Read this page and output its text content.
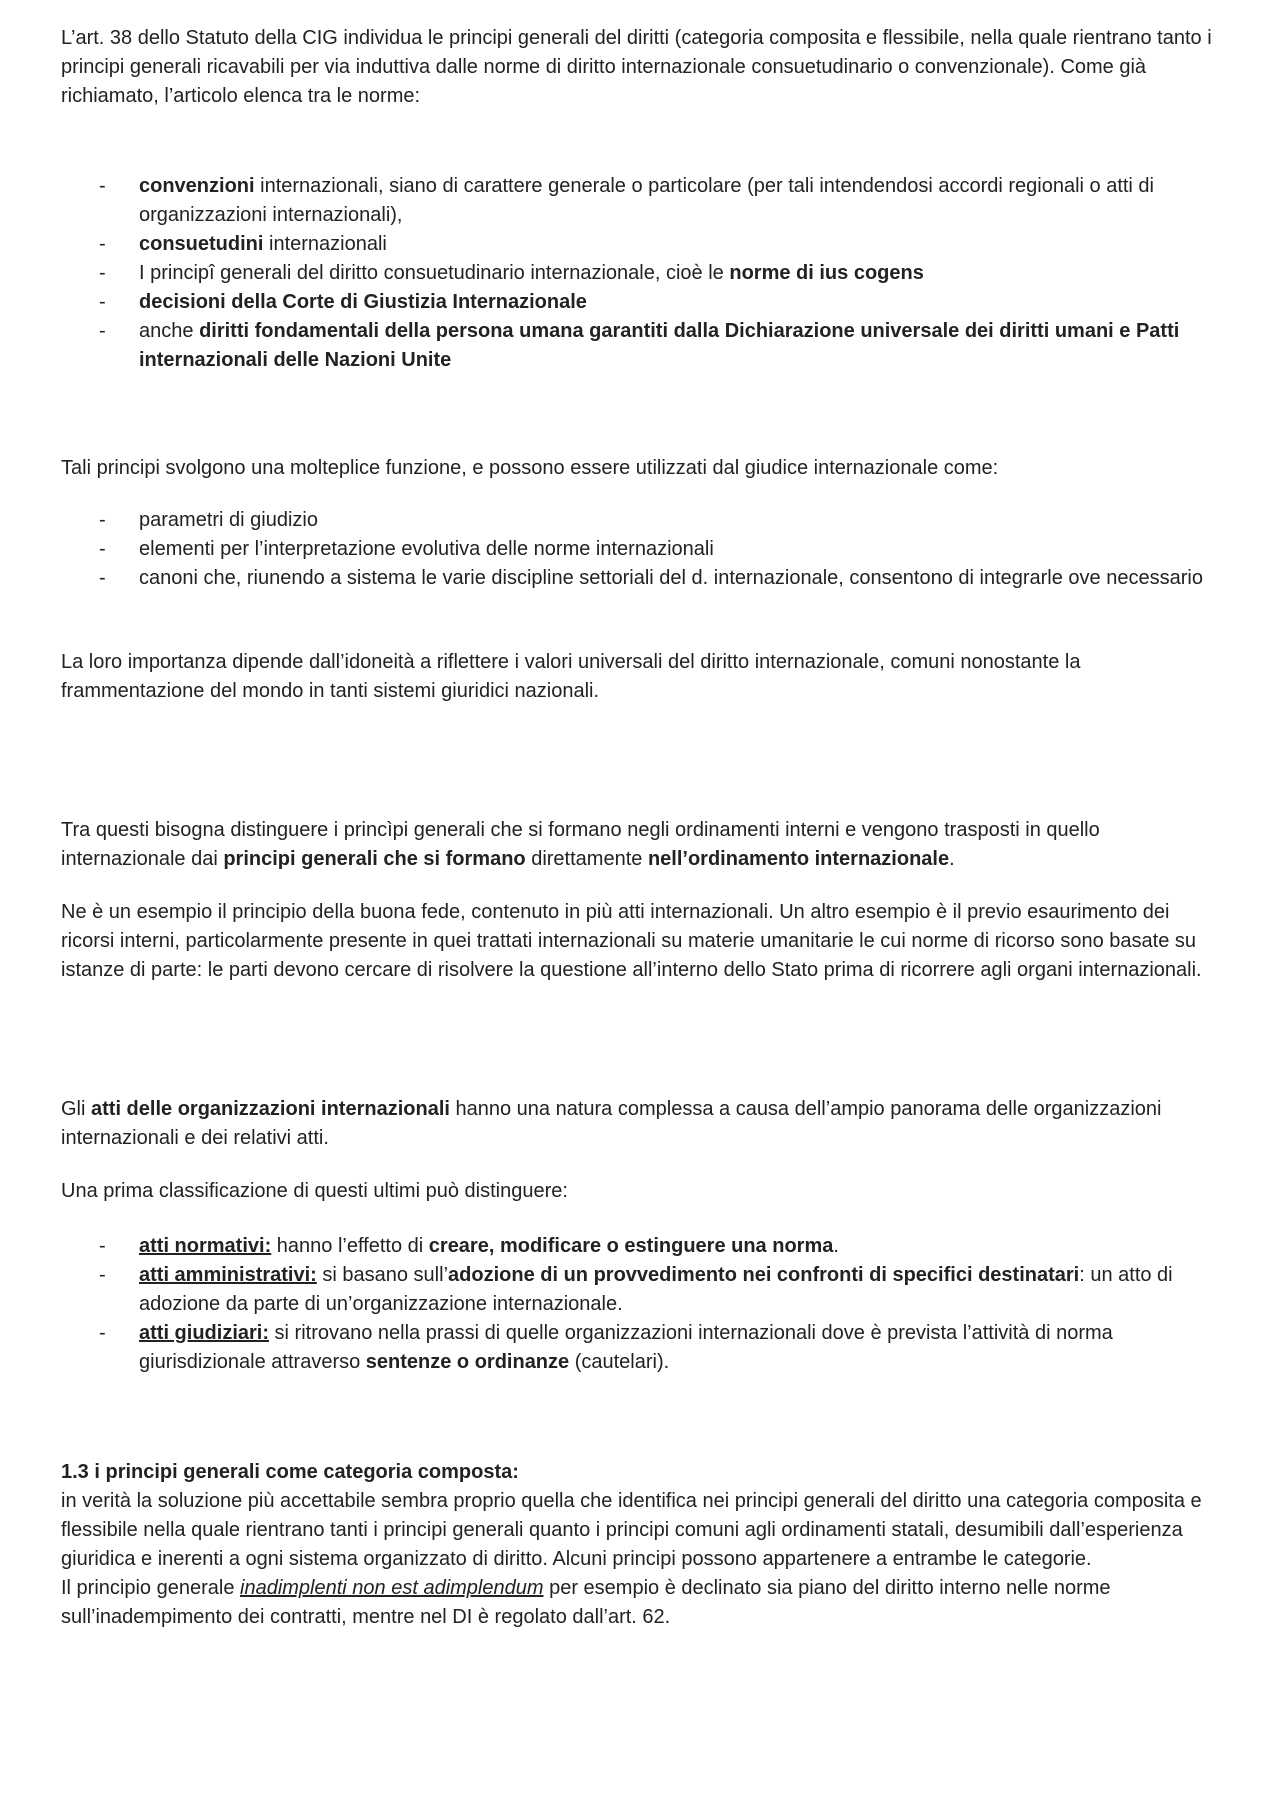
L’art. 38 dello Statuto della CIG individua le principi generali del diritti (categoria composita e flessibile, nella quale rientrano tanto i principi generali ricavabili per via induttiva dalle norme di diritto internazionale consuetudinario o convenzionale). Come già richiamato, l’articolo elenca tra le norme:

- convenzioni internazionali, siano di carattere generale o particolare (per tali intendendosi accordi regionali o atti di organizzazioni internazionali),
- consuetudini internazionali
- I principî generali del diritto consuetudinario internazionale, cioè le norme di ius cogens
- decisioni della Corte di Giustizia Internazionale
- anche diritti fondamentali della persona umana garantiti dalla Dichiarazione universale dei diritti umani e Patti internazionali delle Nazioni Unite

Tali principi svolgono una molteplice funzione, e possono essere utilizzati dal giudice internazionale come:

- parametri di giudizio
- elementi per l’interpretazione evolutiva delle norme internazionali
- canoni che, riunendo a sistema le varie discipline settoriali del d. internazionale, consentono di integrarle ove necessario

La loro importanza dipende dall’idoneità a riflettere i valori universali del diritto internazionale, comuni nonostante la frammentazione del mondo in tanti sistemi giuridici nazionali.

Tra questi bisogna distinguere i princìpi generali che si formano negli ordinamenti interni e vengono trasposti in quello internazionale dai principi generali che si formano direttamente nell’ordinamento internazionale.

Ne è un esempio il principio della buona fede, contenuto in più atti internazionali. Un altro esempio è il previo esaurimento dei ricorsi interni, particolarmente presente in quei trattati internazionali su materie umanitarie le cui norme di ricorso sono basate su istanze di parte: le parti devono cercare di risolvere la questione all’interno dello Stato prima di ricorrere agli organi internazionali.

Gli atti delle organizzazioni internazionali hanno una natura complessa a causa dell’ampio panorama delle organizzazioni internazionali e dei relativi atti.

Una prima classificazione di questi ultimi può distinguere:

- atti normativi: hanno l’effetto di creare, modificare o estinguere una norma.
- atti amministrativi: si basano sull’adozione di un provvedimento nei confronti di specifici destinatari: un atto di adozione da parte di un’organizzazione internazionale.
- atti giudiziari: si ritrovano nella prassi di quelle organizzazioni internazionali dove è prevista l’attività di norma giurisdizionale attraverso sentenze o ordinanze (cautelari).

1.3 i principi generali come categoria composta:
in verità la soluzione più accettabile sembra proprio quella che identifica nei principi generali del diritto una categoria composita e flessibile nella quale rientrano tanti i principi generali quanto i principi comuni agli ordinamenti statali, desumibili dall’esperienza giuridica e inerenti a ogni sistema organizzato di diritto. Alcuni principi possono appartenere a entrambe le categorie.
Il principio generale inadimplenti non est adimplendum per esempio è declinato sia piano del diritto interno nelle norme sull’inadempimento dei contratti, mentre nel DI è regolato dall’art. 62.
